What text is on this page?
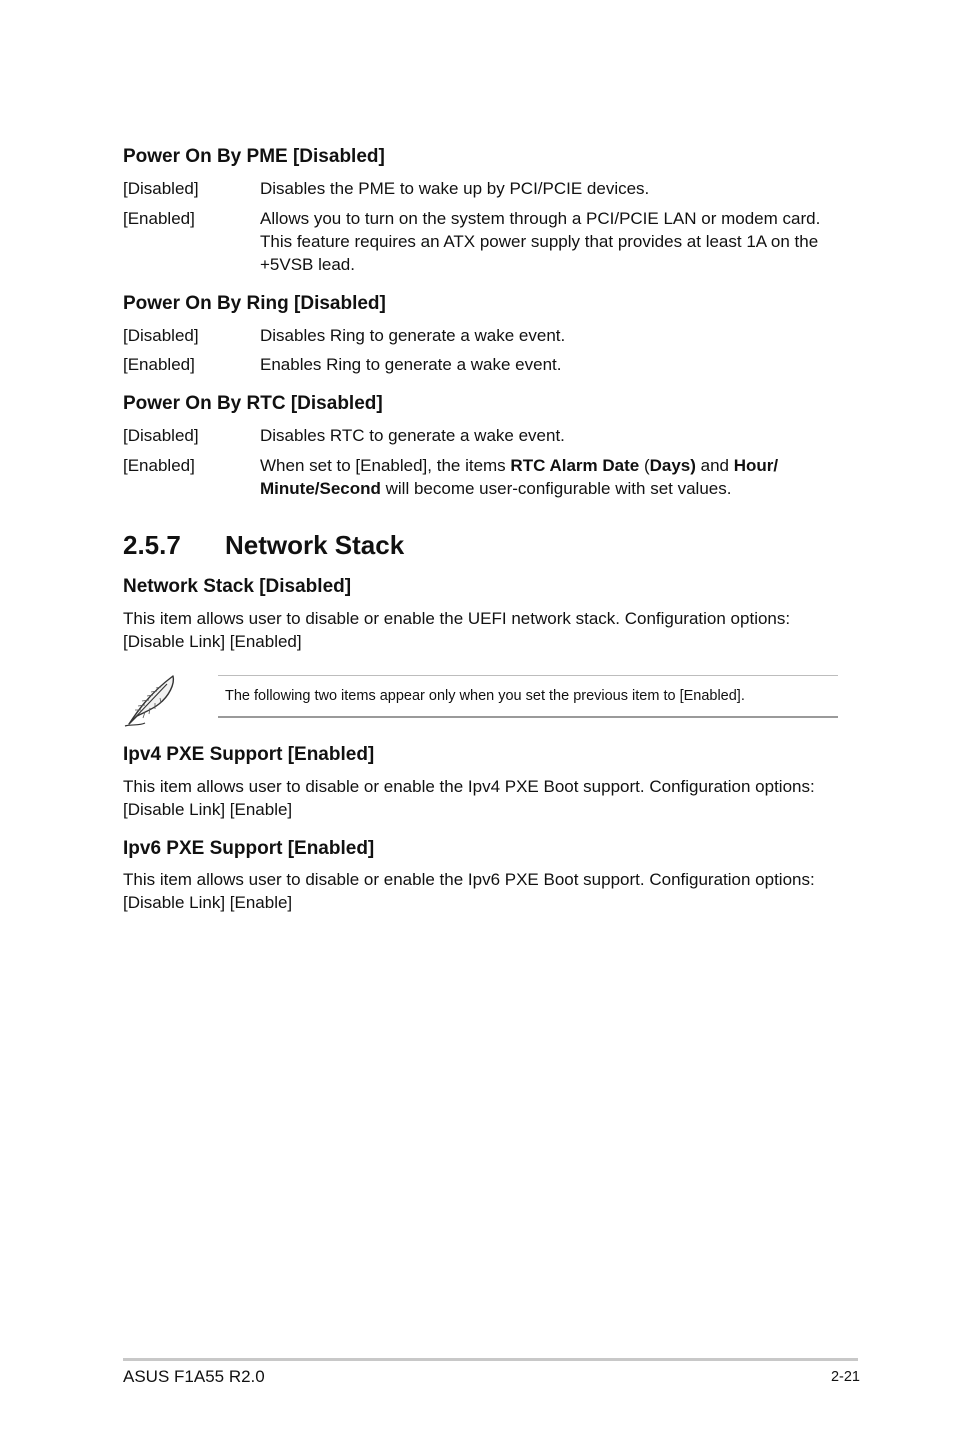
Power On By PME [Disabled]
[Disabled]	Disables the PME to wake up by PCI/PCIE devices.
[Enabled]	Allows you to turn on the system through a PCI/PCIE LAN or modem card. This feature requires an ATX power supply that provides at least 1A on the +5VSB lead.
Power On By Ring [Disabled]
[Disabled]	Disables Ring to generate a wake event.
[Enabled]	Enables Ring to generate a wake event.
Power On By RTC [Disabled]
[Disabled]	Disables RTC to generate a wake event.
[Enabled]	When set to [Enabled], the items RTC Alarm Date (Days) and Hour/ Minute/Second will become user-configurable with set values.
2.5.7 Network Stack
Network Stack [Disabled]
This item allows user to disable or enable the UEFI network stack. Configuration options: [Disable Link] [Enabled]
The following two items appear only when you set the previous item to [Enabled].
Ipv4 PXE Support [Enabled]
This item allows user to disable or enable the Ipv4 PXE Boot support. Configuration options: [Disable Link] [Enable]
Ipv6 PXE Support [Enabled]
This item allows user to disable or enable the Ipv6 PXE Boot support. Configuration options: [Disable Link] [Enable]
ASUS F1A55 R2.0	2-21
